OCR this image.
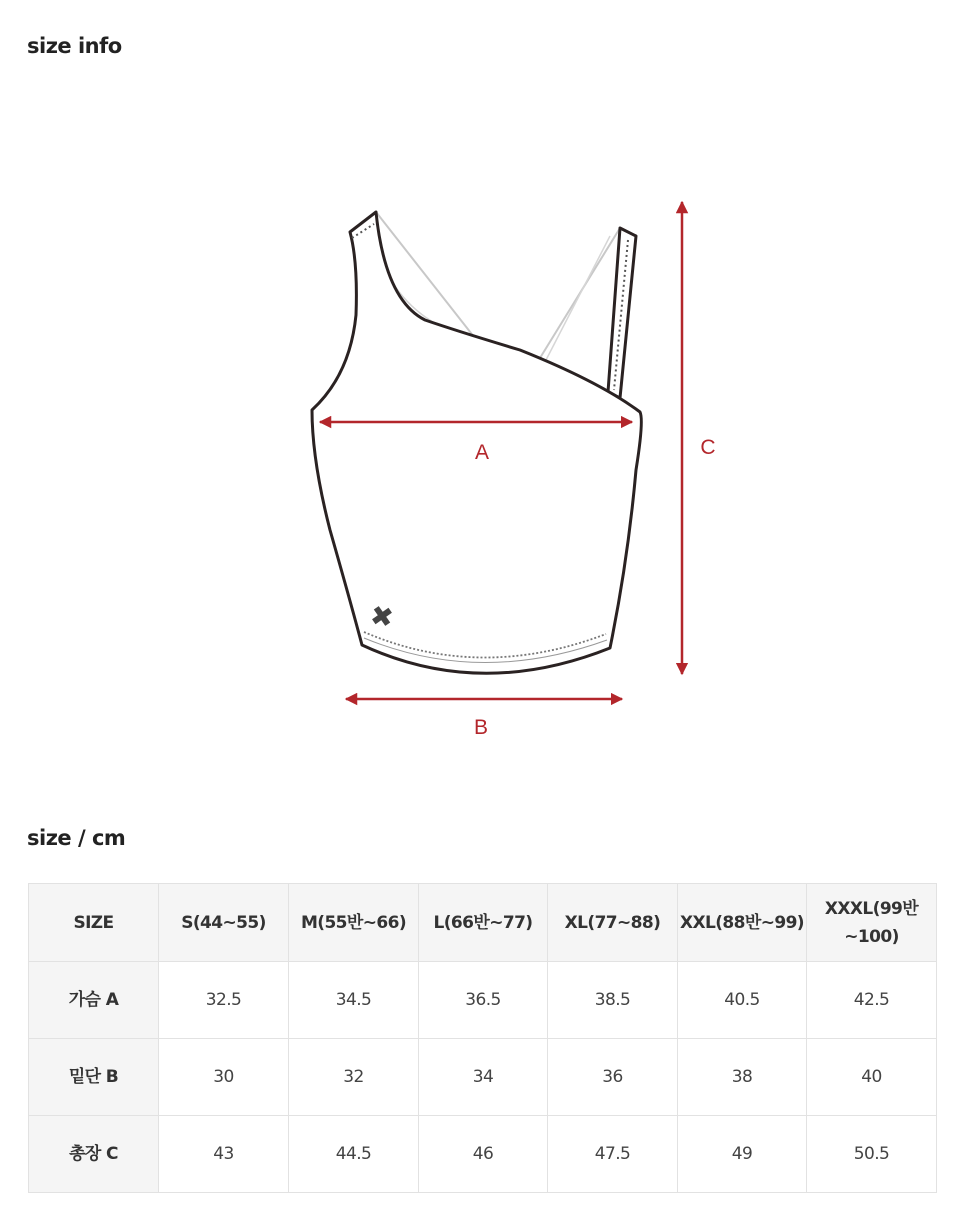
size info
A
B
C
size / cm
SIZE	S(44~55)	M(55반~66)	L(66반~77)	XL(77~88)	XXL(88반~99)	XXXL(99반~100)
가슴 A	32.5	34.5	36.5	38.5	40.5	42.5
밑단 B	30	32	34	36	38	40
총장 C	43	44.5	46	47.5	49	50.5
